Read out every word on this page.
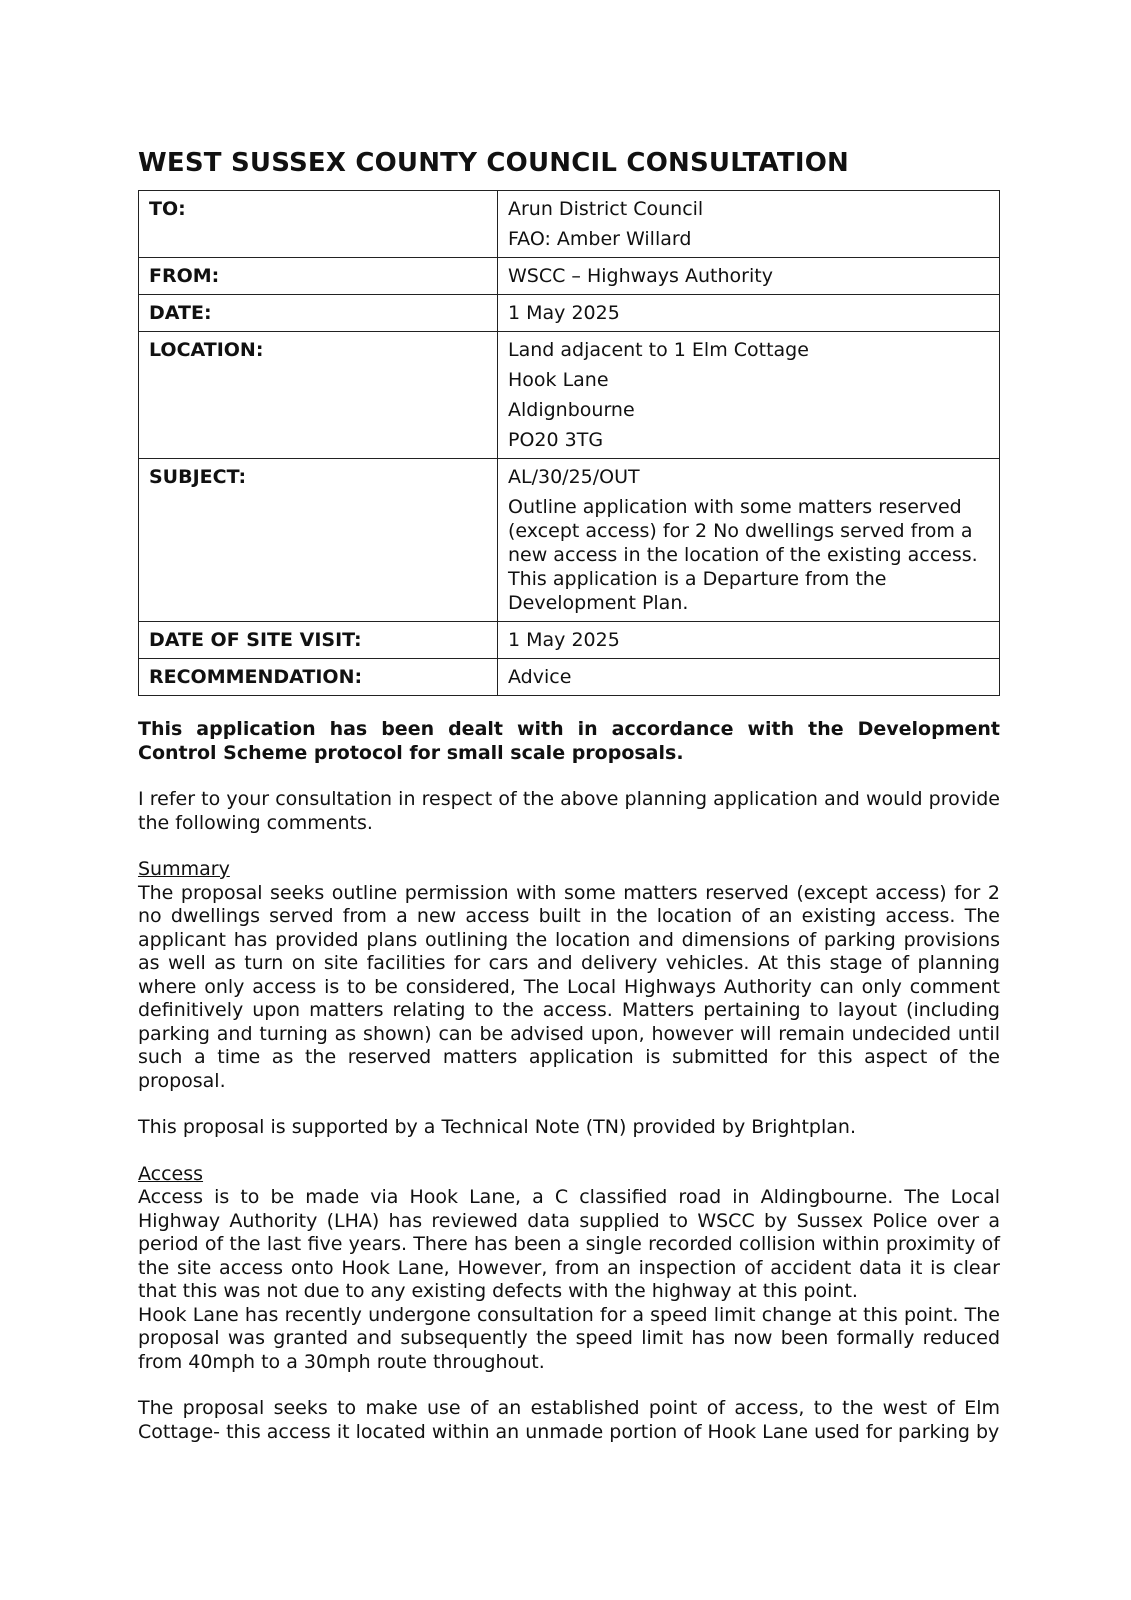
WEST SUSSEX COUNTY COUNCIL CONSULTATION
TO:	Arun District Council
FAO: Amber Willard

FROM:	WSCC – Highways Authority
DATE:	1 May 2025
LOCATION:	Land adjacent to 1 Elm Cottage
Hook Lane
Aldignbourne
PO20 3TG

SUBJECT:	AL/30/25/OUT
Outline application with some matters reserved (except access) for 2 No dwellings served from a new access in the location of the existing access. This application is a Departure from the Development Plan.

DATE OF SITE VISIT:	1 May 2025
RECOMMENDATION:	Advice

This application has been dealt with in accordance with the Development Control Scheme protocol for small scale proposals.

I refer to your consultation in respect of the above planning application and would provide the following comments.

Summary

The proposal seeks outline permission with some matters reserved (except access) for 2 no dwellings served from a new access built in the location of an existing access. The applicant has provided plans outlining the location and dimensions of parking provisions as well as turn on site facilities for cars and delivery vehicles. At this stage of planning where only access is to be considered, The Local Highways Authority can only comment definitively upon matters relating to the access. Matters pertaining to layout (including parking and turning as shown) can be advised upon, however will remain undecided until such a time as the reserved matters application is submitted for this aspect of the proposal.

This proposal is supported by a Technical Note (TN) provided by Brightplan.

Access

Access is to be made via Hook Lane, a C classified road in Aldingbourne. The Local Highway Authority (LHA) has reviewed data supplied to WSCC by Sussex Police over a period of the last five years. There has been a single recorded collision within proximity of the site access onto Hook Lane, However, from an inspection of accident data it is clear that this was not due to any existing defects with the highway at this point.

Hook Lane has recently undergone consultation for a speed limit change at this point. The proposal was granted and subsequently the speed limit has now been formally reduced from 40mph to a 30mph route throughout.

The proposal seeks to make use of an established point of access, to the west of Elm Cottage- this access it located within an unmade portion of Hook Lane used for parking by
